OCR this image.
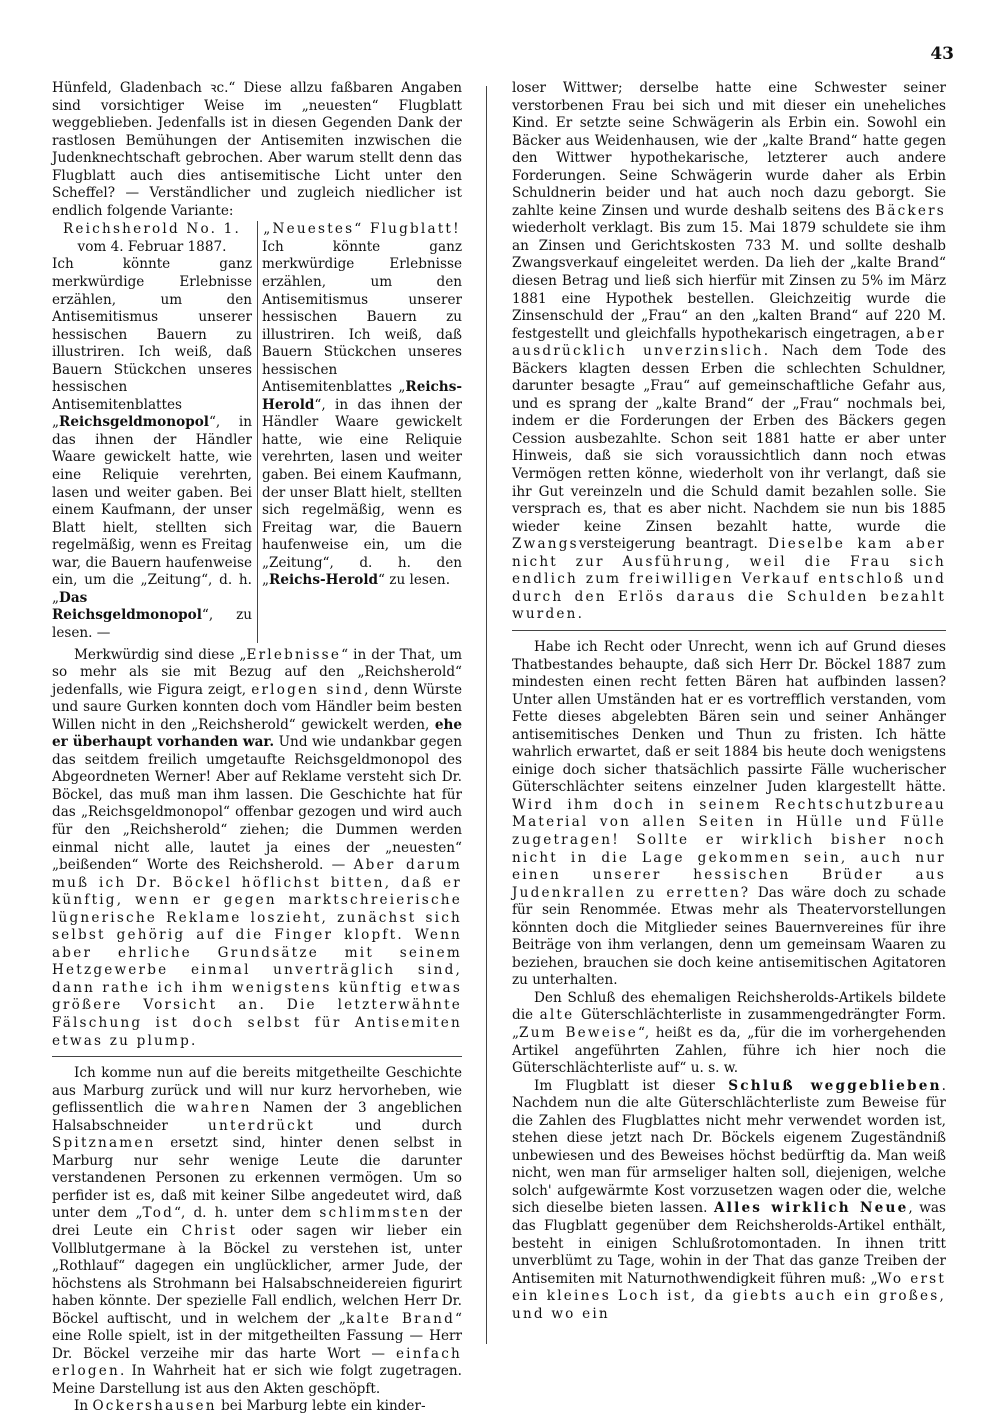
43

Hünfeld, Gladenbach ꝛc.“ Diese allzu faßbaren Angaben sind vorsichtiger Weise im „neuesten“ Flugblatt weggeblieben. Jedenfalls ist in diesen Gegenden Dank der rastlosen Bemühungen der Antisemiten inzwischen die Judenknechtschaft gebrochen. Aber warum stellt denn das Flugblatt auch dies antisemitische Licht unter den Scheffel? — Verständlicher und zugleich niedlicher ist endlich folgende Variante:

Reichsherold No. 1.

vom 4. Februar 1887.

Ich könnte ganz merkwürdige Erlebnisse erzählen, um den Antisemitismus unserer hessischen Bauern zu illustriren. Ich weiß, daß Bauern Stückchen unseres hessischen Antisemitenblattes „Reichsgeldmonopol“, in das ihnen der Händler Waare gewickelt hatte, wie eine Reliquie verehrten, lasen und weiter gaben. Bei einem Kaufmann, der unser Blatt hielt, stellten sich regelmäßig, wenn es Freitag war, die Bauern haufenweise ein, um die „Zeitung“, d. h. „Das Reichsgeldmonopol“, zu lesen. —

„Neuestes“ Flugblatt!

Ich könnte ganz merkwürdige Erlebnisse erzählen, um den Antisemitismus unserer hessischen Bauern zu illustriren. Ich weiß, daß Bauern Stückchen unseres hessischen Antisemitenblattes „Reichs-Herold“, in das ihnen der Händler Waare gewickelt hatte, wie eine Reliquie verehrten, lasen und weiter gaben. Bei einem Kaufmann, der unser Blatt hielt, stellten sich regelmäßig, wenn es Freitag war, die Bauern haufenweise ein, um die „Zeitung“, d. h. den „Reichs-Herold“ zu lesen.

Merkwürdig sind diese „Erlebnisse“ in der That, um so mehr als sie mit Bezug auf den „Reichsherold“ jedenfalls, wie Figura zeigt, erlogen sind, denn Würste und saure Gurken konnten doch vom Händler beim besten Willen nicht in den „Reichsherold“ gewickelt werden, ehe er überhaupt vorhanden war. Und wie undankbar gegen das seitdem freilich umgetaufte Reichsgeldmonopol des Abgeordneten Werner! Aber auf Reklame versteht sich Dr. Böckel, das muß man ihm lassen. Die Geschichte hat für das „Reichsgeldmonopol“ offenbar gezogen und wird auch für den „Reichsherold“ ziehen; die Dummen werden einmal nicht alle, lautet ja eines der „neuesten“ „beißenden“ Worte des Reichsherold. — Aber darum muß ich Dr. Böckel höflichst bitten, daß er künftig, wenn er gegen marktschreierische lügnerische Reklame loszieht, zunächst sich selbst gehörig auf die Finger klopft. Wenn aber ehrliche Grundsätze mit seinem Hetzgewerbe einmal unverträglich sind, dann rathe ich ihm wenigstens künftig etwas größere Vorsicht an. Die letzterwähnte Fälschung ist doch selbst für Antisemiten etwas zu plump.

Ich komme nun auf die bereits mitgetheilte Geschichte aus Marburg zurück und will nur kurz hervorheben, wie geflissentlich die wahren Namen der 3 angeblichen Halsabschneider unterdrückt und durch Spitznamen ersetzt sind, hinter denen selbst in Marburg nur sehr wenige Leute die darunter verstandenen Personen zu erkennen vermögen. Um so perfider ist es, daß mit keiner Silbe angedeutet wird, daß unter dem „Tod“, d. h. unter dem schlimmsten der drei Leute ein Christ oder sagen wir lieber ein Vollblutgermane à la Böckel zu verstehen ist, unter „Rothlauf“ dagegen ein unglücklicher, armer Jude, der höchstens als Strohmann bei Halsabschneidereien figurirt haben könnte. Der spezielle Fall endlich, welchen Herr Dr. Böckel auftischt, und in welchem der „kalte Brand“ eine Rolle spielt, ist in der mitgetheilten Fassung — Herr Dr. Böckel verzeihe mir das harte Wort — einfach erlogen. In Wahrheit hat er sich wie folgt zugetragen. Meine Darstellung ist aus den Akten geschöpft.

In Ockershausen bei Marburg lebte ein kinder-

loser Wittwer; derselbe hatte eine Schwester seiner verstorbenen Frau bei sich und mit dieser ein uneheliches Kind. Er setzte seine Schwägerin als Erbin ein. Sowohl ein Bäcker aus Weidenhausen, wie der „kalte Brand“ hatte gegen den Wittwer hypothekarische, letzterer auch andere Forderungen. Seine Schwägerin wurde daher als Erbin Schuldnerin beider und hat auch noch dazu geborgt. Sie zahlte keine Zinsen und wurde deshalb seitens des Bäckers wiederholt verklagt. Bis zum 15. Mai 1879 schuldete sie ihm an Zinsen und Gerichtskosten 733 M. und sollte deshalb Zwangsverkauf eingeleitet werden. Da lieh der „kalte Brand“ diesen Betrag und ließ sich hierfür mit Zinsen zu 5% im März 1881 eine Hypothek bestellen. Gleichzeitig wurde die Zinsenschuld der „Frau“ an den „kalten Brand“ auf 220 M. festgestellt und gleichfalls hypothekarisch eingetragen, aber ausdrücklich unverzinslich. Nach dem Tode des Bäckers klagten dessen Erben die schlechten Schuldner, darunter besagte „Frau“ auf gemeinschaftliche Gefahr aus, und es sprang der „kalte Brand“ der „Frau“ nochmals bei, indem er die Forderungen der Erben des Bäckers gegen Cession ausbezahlte. Schon seit 1881 hatte er aber unter Hinweis, daß sie sich voraussichtlich dann noch etwas Vermögen retten könne, wiederholt von ihr verlangt, daß sie ihr Gut vereinzeln und die Schuld damit bezahlen solle. Sie versprach es, that es aber nicht. Nachdem sie nun bis 1885 wieder keine Zinsen bezahlt hatte, wurde die Zwangsversteigerung beantragt. Dieselbe kam aber nicht zur Ausführung, weil die Frau sich endlich zum freiwilligen Verkauf entschloß und durch den Erlös daraus die Schulden bezahlt wurden.

Habe ich Recht oder Unrecht, wenn ich auf Grund dieses Thatbestandes behaupte, daß sich Herr Dr. Böckel 1887 zum mindesten einen recht fetten Bären hat aufbinden lassen? Unter allen Umständen hat er es vortrefflich verstanden, vom Fette dieses abgelebten Bären sein und seiner Anhänger antisemitisches Denken und Thun zu fristen. Ich hätte wahrlich erwartet, daß er seit 1884 bis heute doch wenigstens einige doch sicher thatsächlich passirte Fälle wucherischer Güterschlächter seitens einzelner Juden klargestellt hätte. Wird ihm doch in seinem Rechtschutzbureau Material von allen Seiten in Hülle und Fülle zugetragen! Sollte er wirklich bisher noch nicht in die Lage gekommen sein, auch nur einen unserer hessischen Brüder aus Judenkrallen zu erretten? Das wäre doch zu schade für sein Renommée. Etwas mehr als Theatervorstellungen könnten doch die Mitglieder seines Bauernvereines für ihre Beiträge von ihm verlangen, denn um gemeinsam Waaren zu beziehen, brauchen sie doch keine antisemitischen Agitatoren zu unterhalten.

Den Schluß des ehemaligen Reichsherolds-Artikels bildete die alte Güterschlächterliste in zusammengedrängter Form. „Zum Beweise“, heißt es da, „für die im vorhergehenden Artikel angeführten Zahlen, führe ich hier noch die Güterschlächterliste auf“ u. s. w.

Im Flugblatt ist dieser Schluß weggeblieben. Nachdem nun die alte Güterschlächterliste zum Beweise für die Zahlen des Flugblattes nicht mehr verwendet worden ist, stehen diese jetzt nach Dr. Böckels eigenem Zugeständniß unbewiesen und des Beweises höchst bedürftig da. Man weiß nicht, wen man für armseliger halten soll, diejenigen, welche solch' aufgewärmte Kost vorzusetzen wagen oder die, welche sich dieselbe bieten lassen. Alles wirklich Neue, was das Flugblatt gegenüber dem Reichsherolds-Artikel enthält, besteht in einigen Schlußrotomontaden. In ihnen tritt unverblümt zu Tage, wohin in der That das ganze Treiben der Antisemiten mit Naturnothwendigkeit führen muß: „Wo erst ein kleines Loch ist, da giebts auch ein großes, und wo ein
